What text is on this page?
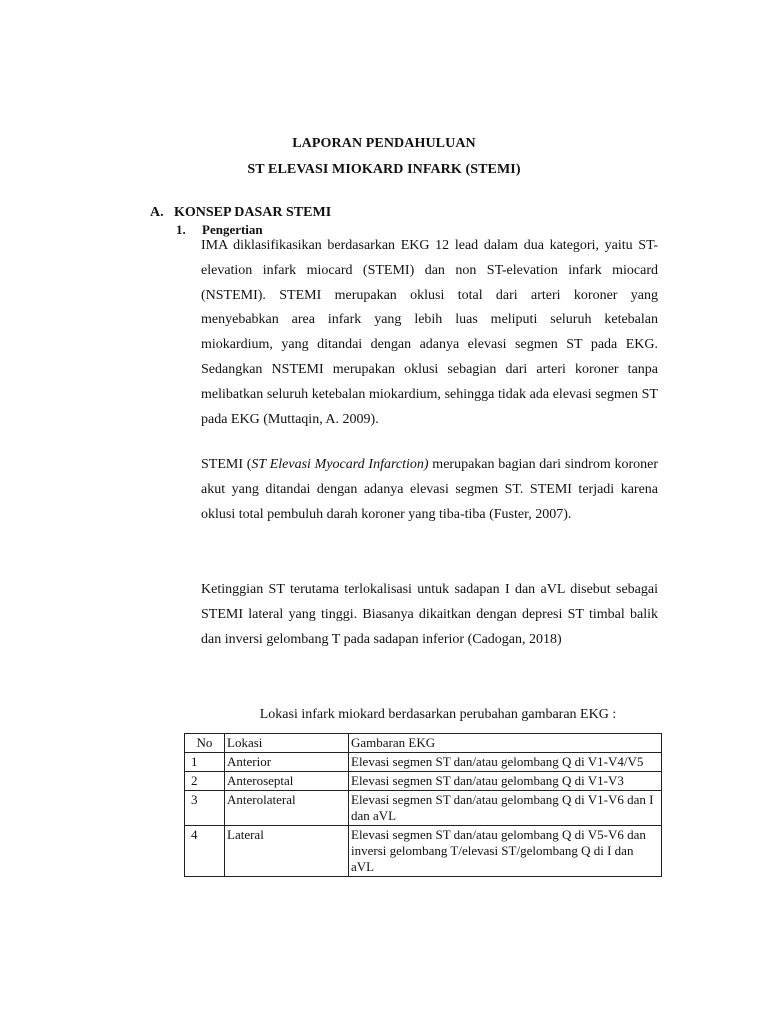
LAPORAN PENDAHULUAN
ST ELEVASI MIOKARD INFARK (STEMI)
A. KONSEP DASAR STEMI
1. Pengertian
IMA diklasifikasikan berdasarkan EKG 12 lead dalam dua kategori, yaitu ST-elevation infark miocard (STEMI) dan non ST-elevation infark miocard (NSTEMI). STEMI merupakan oklusi total dari arteri koroner yang menyebabkan area infark yang lebih luas meliputi seluruh ketebalan miokardium, yang ditandai dengan adanya elevasi segmen ST pada EKG. Sedangkan NSTEMI merupakan oklusi sebagian dari arteri koroner tanpa melibatkan seluruh ketebalan miokardium, sehingga tidak ada elevasi segmen ST pada EKG (Muttaqin, A. 2009).
STEMI (ST Elevasi Myocard Infarction) merupakan bagian dari sindrom koroner akut yang ditandai dengan adanya elevasi segmen ST. STEMI terjadi karena oklusi total pembuluh darah koroner yang tiba-tiba (Fuster, 2007).
Ketinggian ST terutama terlokalisasi untuk sadapan I dan aVL disebut sebagai STEMI lateral yang tinggi. Biasanya dikaitkan dengan depresi ST timbal balik dan inversi gelombang T pada sadapan inferior (Cadogan, 2018)
Lokasi infark miokard berdasarkan perubahan gambaran EKG :
No	Lokasi	Gambaran EKG
1	Anterior	Elevasi segmen ST dan/atau gelombang Q di V1-V4/V5
2	Anteroseptal	Elevasi segmen ST dan/atau gelombang Q di V1-V3
3	Anterolateral	Elevasi segmen ST dan/atau gelombang Q di V1-V6 dan I dan aVL
4	Lateral	Elevasi segmen ST dan/atau gelombang Q di V5-V6 dan inversi gelombang T/elevasi ST/gelombang Q di I dan aVL
